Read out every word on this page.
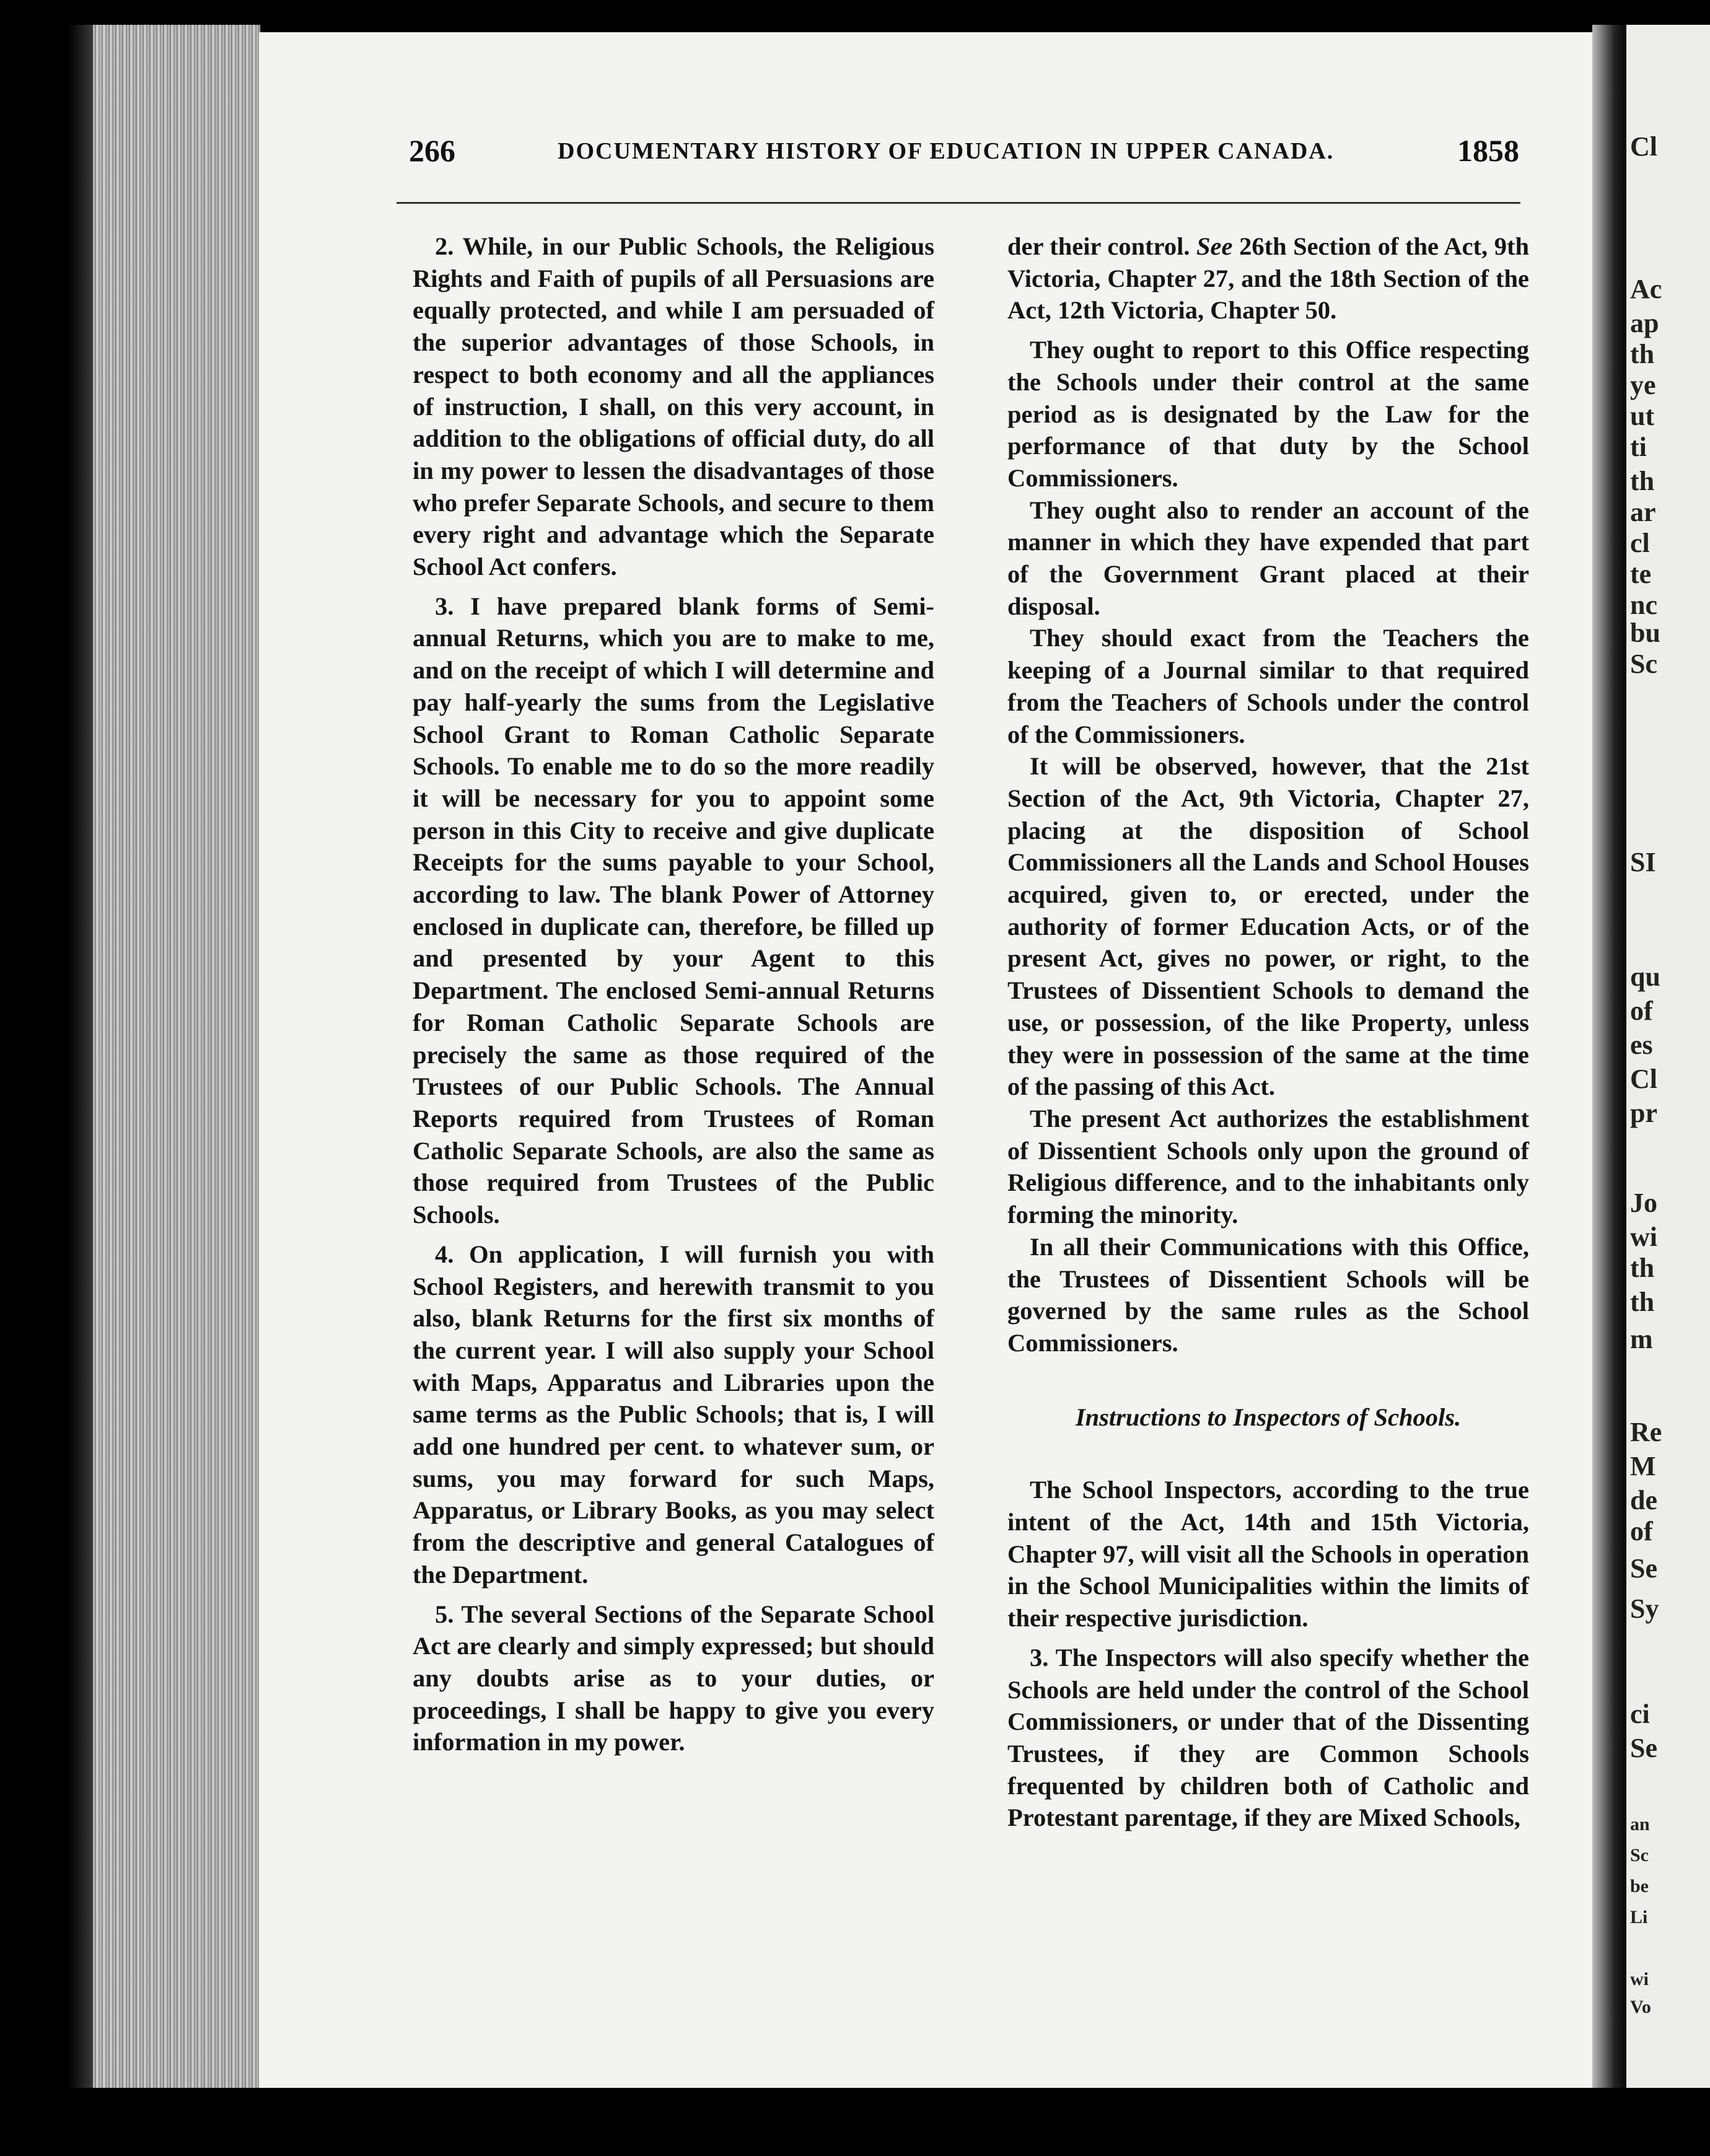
266	DOCUMENTARY HISTORY OF EDUCATION IN UPPER CANADA.	1858

2. While, in our Public Schools, the Religious Rights and Faith of pupils of all Persuasions are equally protected, and while I am persuaded of the superior advantages of those Schools, in respect to both economy and all the appliances of instruction, I shall, on this very account, in addition to the obligations of official duty, do all in my power to lessen the disadvantages of those who prefer Separate Schools, and secure to them every right and advantage which the Separate School Act confers.

3. I have prepared blank forms of Semi-annual Returns, which you are to make to me, and on the receipt of which I will determine and pay half-yearly the sums from the Legislative School Grant to Roman Catholic Separate Schools. To enable me to do so the more readily it will be necessary for you to appoint some person in this City to receive and give duplicate Receipts for the sums payable to your School, according to law. The blank Power of Attorney enclosed in duplicate can, therefore, be filled up and presented by your Agent to this Department. The enclosed Semi-annual Returns for Roman Catholic Separate Schools are precisely the same as those required of the Trustees of our Public Schools. The Annual Reports required from Trustees of Roman Catholic Separate Schools, are also the same as those required from Trustees of the Public Schools.

4. On application, I will furnish you with School Registers, and herewith transmit to you also, blank Returns for the first six months of the current year. I will also supply your School with Maps, Apparatus and Libraries upon the same terms as the Public Schools; that is, I will add one hundred per cent. to whatever sum, or sums, you may forward for such Maps, Apparatus, or Library Books, as you may select from the descriptive and general Catalogues of the Department.

5. The several Sections of the Separate School Act are clearly and simply expressed; but should any doubts arise as to your duties, or proceedings, I shall be happy to give you every information in my power.

der their control. See 26th Section of the Act, 9th Victoria, Chapter 27, and the 18th Section of the Act, 12th Victoria, Chapter 50.

They ought to report to this Office respecting the Schools under their control at the same period as is designated by the Law for the performance of that duty by the School Commissioners.

They ought also to render an account of the manner in which they have expended that part of the Government Grant placed at their disposal.

They should exact from the Teachers the keeping of a Journal similar to that required from the Teachers of Schools under the control of the Commissioners.

It will be observed, however, that the 21st Section of the Act, 9th Victoria, Chapter 27, placing at the disposition of School Commissioners all the Lands and School Houses acquired, given to, or erected, under the authority of former Education Acts, or of the present Act, gives no power, or right, to the Trustees of Dissentient Schools to demand the use, or possession, of the like Property, unless they were in possession of the same at the time of the passing of this Act.

The present Act authorizes the establishment of Dissentient Schools only upon the ground of Religious difference, and to the inhabitants only forming the minority.

In all their Communications with this Office, the Trustees of Dissentient Schools will be governed by the same rules as the School Commissioners.

Instructions to Inspectors of Schools.

The School Inspectors, according to the true intent of the Act, 14th and 15th Victoria, Chapter 97, will visit all the Schools in operation in the School Municipalities within the limits of their respective jurisdiction.

3. The Inspectors will also specify whether the Schools are held under the control of the School Commissioners, or under that of the Dissenting Trustees, if they are Common Schools frequented by children both of Catholic and Protestant parentage, if they are Mixed Schools,

Cl
Ac
ap
th
ye
ut
ti
th
ar
cl
te
nc
bu
Sc
SI
qu
of
es
Cl
pr
Jo
wi
th
th
m
Re
M
de
of
Se
Sy
ci
Se
an
Sc
be
Li
wi
Vo
